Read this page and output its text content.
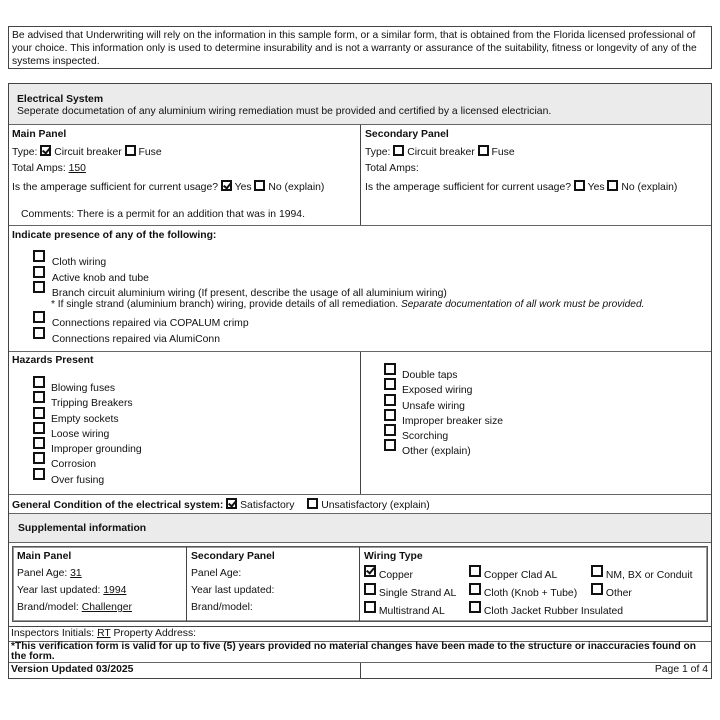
Be advised that Underwriting will rely on the information in this sample form, or a similar form, that is obtained from the Florida licensed professional of your choice. This information only is used to determine insurability and is not a warranty or assurance of the suitability, fitness or longevity of any of the systems inspected.
Electrical System
Seperate documetation of any aluminium wiring remediation must be provided and certified by a licensed electrician.
Main Panel
Type: Circuit breaker Fuse
Total Amps: 150
Is the amperage sufficient for current usage? Yes No (explain)
Comments: There is a permit for an addition that was in 1994.
Secondary Panel
Type: Circuit breaker Fuse
Total Amps:
Is the amperage sufficient for current usage? Yes No (explain)
Indicate presence of any of the following:
Cloth wiring
Active knob and tube
Branch circuit aluminium wiring (If present, describe the usage of all aluminium wiring)
* If single strand (aluminium branch) wiring, provide details of all remediation. Separate documentation of all work must be provided.
Connections repaired via COPALUM crimp
Connections repaired via AlumiConn
Hazards Present
Blowing fuses
Tripping Breakers
Empty sockets
Loose wiring
Improper grounding
Corrosion
Over fusing
Double taps
Exposed wiring
Unsafe wiring
Improper breaker size
Scorching
Other (explain)
General Condition of the electrical system: Satisfactory	Unsatisfactory (explain)
Supplemental information
Main Panel
Panel Age: 31
Year last updated: 1994
Brand/model: Challenger
Secondary Panel
Panel Age:
Year last updated:
Brand/model:
Wiring Type
Copper	Copper Clad AL	NM, BX or Conduit
Single Strand AL	Cloth (Knob + Tube)	Other
Multistrand AL	Cloth Jacket Rubber Insulated
Inspectors Initials: RT Property Address:
*This verification form is valid for up to five (5) years provided no material changes have been made to the structure or inaccuracies found on the form.
Version Updated 03/2025	Page 1 of 4
